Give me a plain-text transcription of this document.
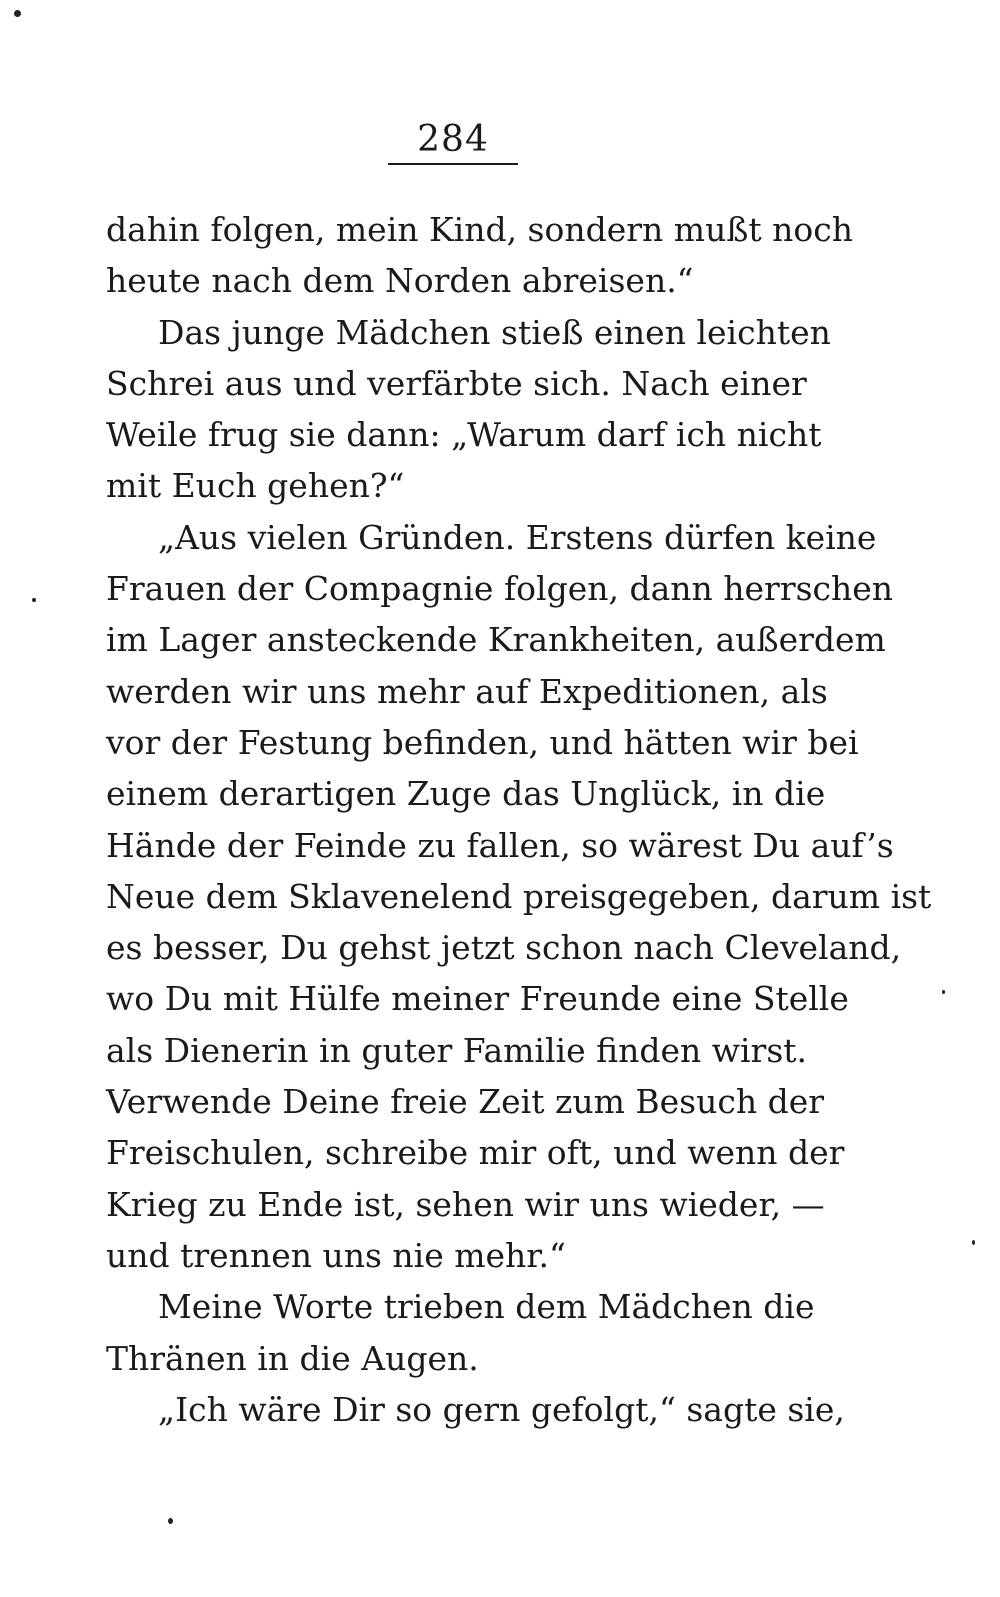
284
dahin folgen, mein Kind, sondern mußt noch
heute nach dem Norden abreisen.“
Das junge Mädchen stieß einen leichten
Schrei aus und verfärbte sich. Nach einer
Weile frug sie dann: „Warum darf ich nicht
mit Euch gehen?“
„Aus vielen Gründen. Erstens dürfen keine
Frauen der Compagnie folgen, dann herrschen
im Lager ansteckende Krankheiten, außerdem
werden wir uns mehr auf Expeditionen, als
vor der Festung befinden, und hätten wir bei
einem derartigen Zuge das Unglück, in die
Hände der Feinde zu fallen, so wärest Du auf’s
Neue dem Sklavenelend preisgegeben, darum ist
es besser, Du gehst jetzt schon nach Cleveland,
wo Du mit Hülfe meiner Freunde eine Stelle
als Dienerin in guter Familie finden wirst.
Verwende Deine freie Zeit zum Besuch der
Freischulen, schreibe mir oft, und wenn der
Krieg zu Ende ist, sehen wir uns wieder, —
und trennen uns nie mehr.“
Meine Worte trieben dem Mädchen die
Thränen in die Augen.
„Ich wäre Dir so gern gefolgt,“ sagte sie,
